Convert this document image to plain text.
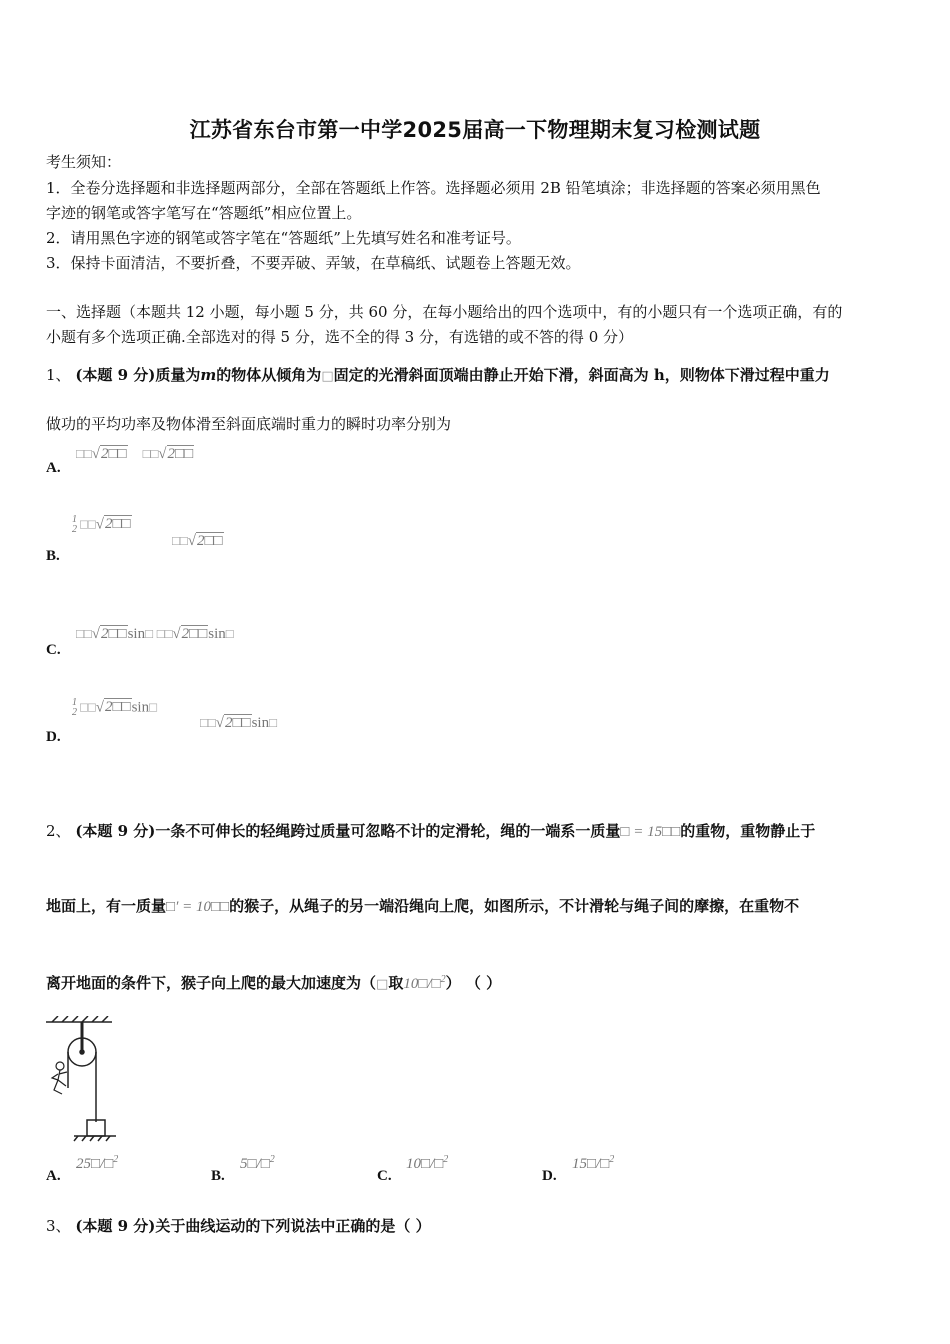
江苏省东台市第一中学2025届高一下物理期末复习检测试题
考生须知：
1．全卷分选择题和非选择题两部分，全部在答题纸上作答。选择题必须用 2B 铅笔填涂；非选择题的答案必须用黑色
字迹的钢笔或答字笔写在“答题纸”相应位置上。
2．请用黑色字迹的钢笔或答字笔在“答题纸”上先填写姓名和准考证号。
3．保持卡面清洁，不要折叠，不要弄破、弄皱，在草稿纸、试题卷上答题无效。
一、选择题（本题共 12 小题，每小题 5 分，共 60 分，在每小题给出的四个选项中，有的小题只有一个选项正确，有的
小题有多个选项正确.全部选对的得 5 分，选不全的得 3 分，有选错的或不答的得 0 分）
1、 (本题 9 分)质量为m的物体从倾角为□固定的光滑斜面顶端由静止开始下滑，斜面高为 h，则物体下滑过程中重力
做功的平均功率及物体滑至斜面底端时重力的瞬时功率分别为
A.
□□√2□□ □□√2□□
B.
1
2 □□√2□□
□□√2□□
C.
□□√2□□sin□ □□√2□□sin□
D.
1
2 □□√2□□sin□
□□√2□□sin□
2、 (本题 9 分)一条不可伸长的轻绳跨过质量可忽略不计的定滑轮，绳的一端系一质量□ = 15□□的重物，重物静止于
地面上，有一质量□′ = 10□□的猴子，从绳子的另一端沿绳向上爬，如图所示，不计滑轮与绳子间的摩擦，在重物不
离开地面的条件下，猴子向上爬的最大加速度为（□取10□/□$^2$） （ ）
A.
25□/□$^2$
B.
5□/□$^2$
C.
10□/□$^2$
D.
15□/□$^2$
3、 (本题 9 分)关于曲线运动的下列说法中正确的是（ ）
